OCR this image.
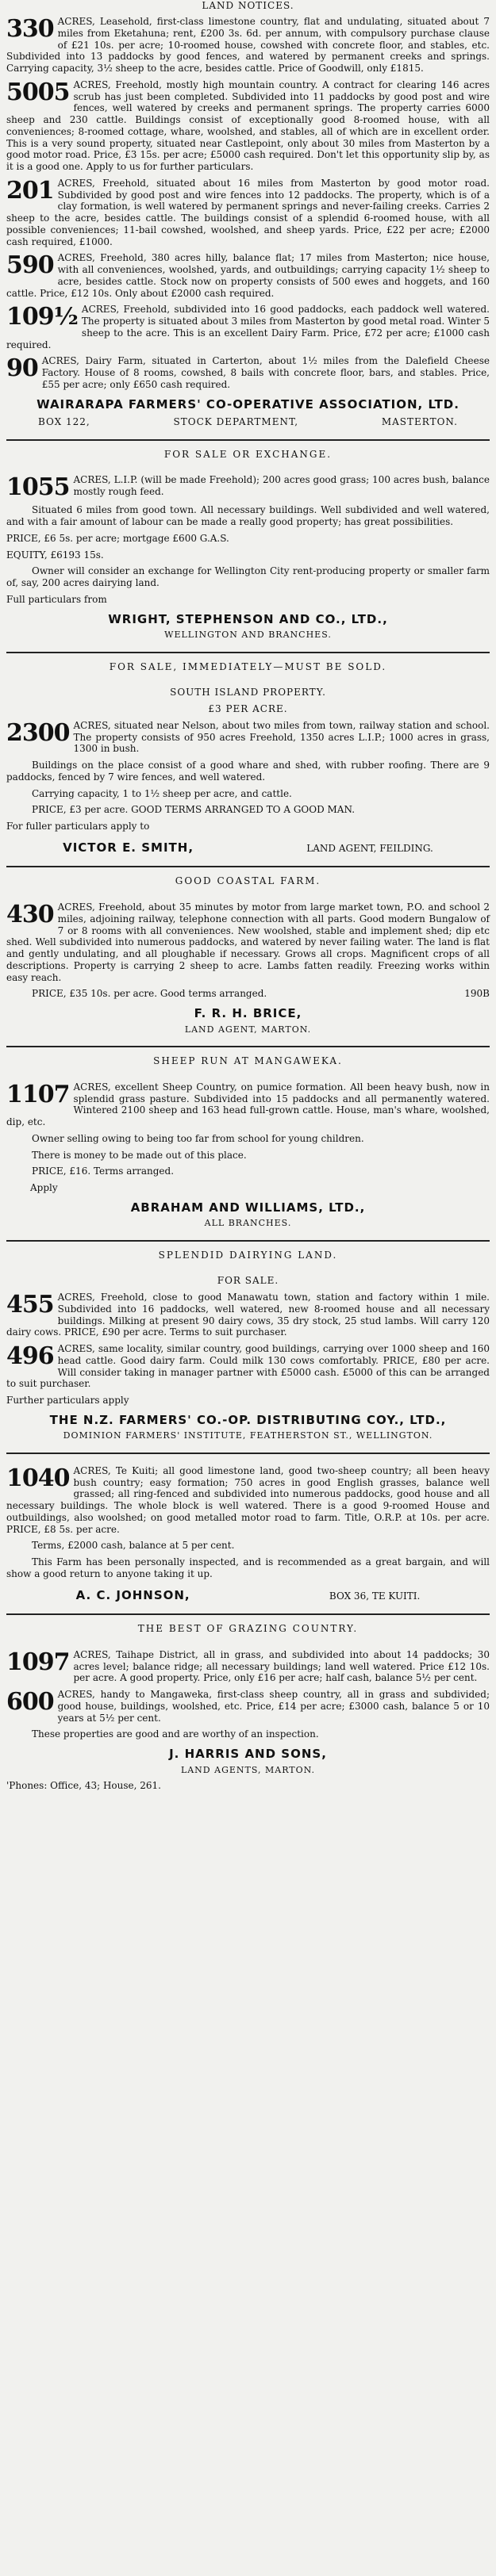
LAND NOTICES.
330 ACRES, Leasehold, first-class limestone country, flat and undulating, situated about 7 miles from Eketahuna; rent, £200 3s. 6d. per annum, with compulsory purchase clause of £21 10s. per acre; 10-roomed house, cowshed with concrete floor, and stables, etc. Subdivided into 13 paddocks by good fences, and watered by permanent creeks and springs. Carrying capacity, 3½ sheep to the acre, besides cattle. Price of Goodwill, only £1815.

5005 ACRES, Freehold, mostly high mountain country. A contract for clearing 146 acres scrub has just been completed. Subdivided into 11 paddocks by good post and wire fences, well watered by creeks and permanent springs. The property carries 6000 sheep and 230 cattle. Buildings consist of exceptionally good 8-roomed house, with all conveniences; 8-roomed cottage, whare, woolshed, and stables, all of which are in excellent order. This is a very sound property, situated near Castlepoint, only about 30 miles from Masterton by a good motor road. Price, £3 15s. per acre; £5000 cash required. Don't let this opportunity slip by, as it is a good one. Apply to us for further particulars.

201 ACRES, Freehold, situated about 16 miles from Masterton by good motor road. Subdivided by good post and wire fences into 12 paddocks. The property, which is of a clay formation, is well watered by permanent springs and never-failing creeks. Carries 2 sheep to the acre, besides cattle. The buildings consist of a splendid 6-roomed house, with all possible conveniences; 11-bail cowshed, woolshed, and sheep yards. Price, £22 per acre; £2000 cash required, £1000.

590 ACRES, Freehold, 380 acres hilly, balance flat; 17 miles from Masterton; nice house, with all conveniences, woolshed, yards, and outbuildings; carrying capacity 1½ sheep to acre, besides cattle. Stock now on property consists of 500 ewes and hoggets, and 160 cattle. Price, £12 10s. Only about £2000 cash required.

109½ ACRES, Freehold, subdivided into 16 good paddocks, each paddock well watered. The property is situated about 3 miles from Masterton by good metal road. Winter 5 sheep to the acre. This is an excellent Dairy Farm. Price, £72 per acre; £1000 cash required.

90 ACRES, Dairy Farm, situated in Carterton, about 1½ miles from the Dalefield Cheese Factory. House of 8 rooms, cowshed, 8 bails with concrete floor, bars, and stables. Price, £55 per acre; only £650 cash required.

WAIRARAPA FARMERS' CO-OPERATIVE ASSOCIATION, LTD.
BOX 122,	STOCK DEPARTMENT,	MASTERTON.
FOR SALE OR EXCHANGE.
1055 ACRES, L.I.P. (will be made Freehold); 200 acres good grass; 100 acres bush, balance mostly rough feed.

Situated 6 miles from good town. All necessary buildings. Well subdivided and well watered, and with a fair amount of labour can be made a really good property; has great possibilities.

PRICE, £6 5s. per acre; mortgage £600 G.A.S.

EQUITY, £6193 15s.

Owner will consider an exchange for Wellington City rent-producing property or smaller farm of, say, 200 acres dairying land.

Full particulars from

WRIGHT, STEPHENSON AND CO., LTD.,
WELLINGTON AND BRANCHES.
FOR SALE, IMMEDIATELY—MUST BE SOLD.
SOUTH ISLAND PROPERTY.
£3 PER ACRE.
2300 ACRES, situated near Nelson, about two miles from town, railway station and school. The property consists of 950 acres Freehold, 1350 acres L.I.P.; 1000 acres in grass, 1300 in bush.

Buildings on the place consist of a good whare and shed, with rubber roofing. There are 9 paddocks, fenced by 7 wire fences, and well watered.

Carrying capacity, 1 to 1½ sheep per acre, and cattle.

PRICE, £3 per acre. GOOD TERMS ARRANGED TO A GOOD MAN.

For fuller particulars apply to

VICTOR E. SMITH,	LAND AGENT, FEILDING.
GOOD COASTAL FARM.
430 ACRES, Freehold, about 35 minutes by motor from large market town, P.O. and school 2 miles, adjoining railway, telephone connection with all parts. Good modern Bungalow of 7 or 8 rooms with all conveniences. New woolshed, stable and implement shed; dip etc shed. Well subdivided into numerous paddocks, and watered by never failing water. The land is flat and gently undulating, and all ploughable if necessary. Grows all crops. Magnificent crops of all descriptions. Property is carrying 2 sheep to acre. Lambs fatten readily. Freezing works within easy reach.

PRICE, £35 10s. per acre. Good terms arranged.	190B

F. R. H. BRICE,
LAND AGENT, MARTON.
SHEEP RUN AT MANGAWEKA.
1107 ACRES, excellent Sheep Country, on pumice formation. All been heavy bush, now in splendid grass pasture. Subdivided into 15 paddocks and all permanently watered. Wintered 2100 sheep and 163 head full-grown cattle. House, man's whare, woolshed, dip, etc.

Owner selling owing to being too far from school for young children.

There is money to be made out of this place.

PRICE, £16. Terms arranged.

Apply

ABRAHAM AND WILLIAMS, LTD.,
ALL BRANCHES.
SPLENDID DAIRYING LAND.
FOR SALE.
455 ACRES, Freehold, close to good Manawatu town, station and factory within 1 mile. Subdivided into 16 paddocks, well watered, new 8-roomed house and all necessary buildings. Milking at present 90 dairy cows, 35 dry stock, 25 stud lambs. Will carry 120 dairy cows. PRICE, £90 per acre. Terms to suit purchaser.

496 ACRES, same locality, similar country, good buildings, carrying over 1000 sheep and 160 head cattle. Good dairy farm. Could milk 130 cows comfortably. PRICE, £80 per acre. Will consider taking in manager partner with £5000 cash. £5000 of this can be arranged to suit purchaser.

Further particulars apply

THE N.Z. FARMERS' CO.-OP. DISTRIBUTING COY., LTD.,
DOMINION FARMERS' INSTITUTE, FEATHERSTON ST., WELLINGTON.
1040 ACRES, Te Kuiti; all good limestone land, good two-sheep country; all been heavy bush country; easy formation; 750 acres in good English grasses, balance well grassed; all ring-fenced and subdivided into numerous paddocks, good house and all necessary buildings. The whole block is well watered. There is a good 9-roomed House and outbuildings, also woolshed; on good metalled motor road to farm. Title, O.R.P. at 10s. per acre. PRICE, £8 5s. per acre.

Terms, £2000 cash, balance at 5 per cent.

This Farm has been personally inspected, and is recommended as a great bargain, and will show a good return to anyone taking it up.

A. C. JOHNSON,	BOX 36, TE KUITI.
THE BEST OF GRAZING COUNTRY.
1097 ACRES, Taihape District, all in grass, and subdivided into about 14 paddocks; 30 acres level; balance ridge; all necessary buildings; land well watered. Price £12 10s. per acre. A good property. Price, only £16 per acre; half cash, balance 5½ per cent.

600 ACRES, handy to Mangaweka, first-class sheep country, all in grass and subdivided; good house, buildings, woolshed, etc. Price, £14 per acre; £3000 cash, balance 5 or 10 years at 5½ per cent.

These properties are good and are worthy of an inspection.

J. HARRIS AND SONS,
LAND AGENTS, MARTON.

'Phones: Office, 43; House, 261.
